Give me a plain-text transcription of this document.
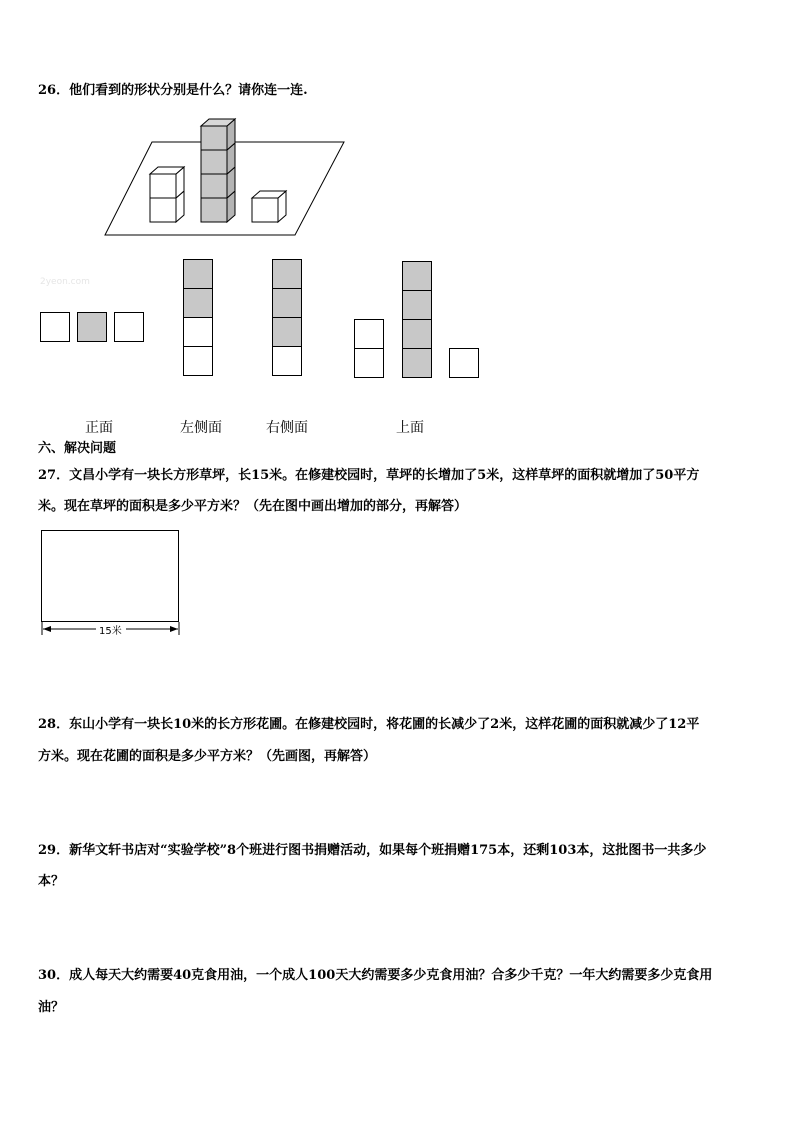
26．他们看到的形状分别是什么？请你连一连.
2yeon.com
正面	左侧面	右侧面	上面
六、解决问题
27．文昌小学有一块长方形草坪，长15米。在修建校园时，草坪的长增加了5米，这样草坪的面积就增加了50平方
米。现在草坪的面积是多少平方米？（先在图中画出增加的部分，再解答）
15米
28．东山小学有一块长10米的长方形花圃。在修建校园时，将花圃的长减少了2米，这样花圃的面积就减少了12平
方米。现在花圃的面积是多少平方米？（先画图，再解答）
29．新华文轩书店对“实验学校”8个班进行图书捐赠活动，如果每个班捐赠175本，还剩103本，这批图书一共多少
本？
30．成人每天大约需要40克食用油，一个成人100天大约需要多少克食用油？合多少千克？一年大约需要多少克食用
油？
